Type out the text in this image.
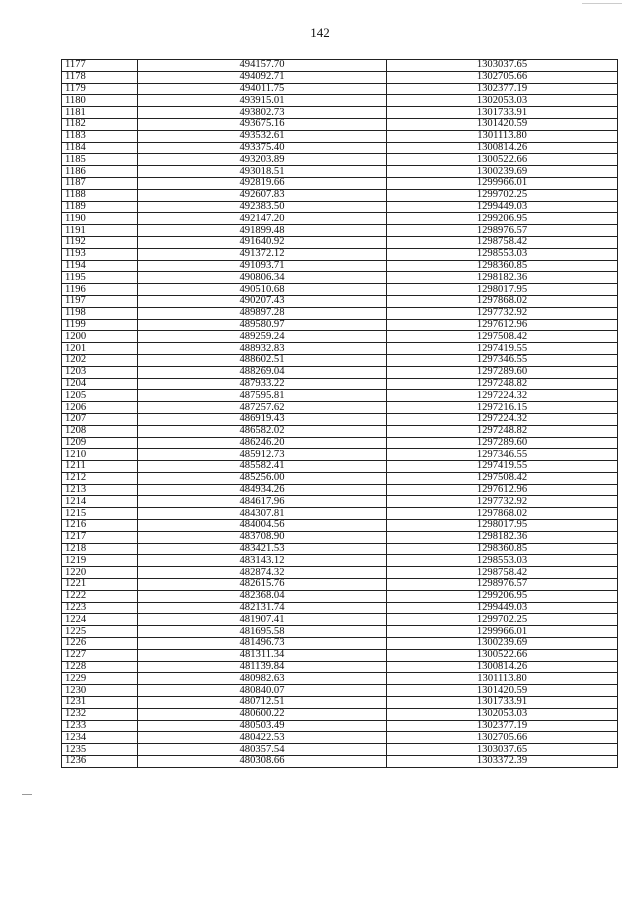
142
1177	494157.70	1303037.65
1178	494092.71	1302705.66
1179	494011.75	1302377.19
1180	493915.01	1302053.03
1181	493802.73	1301733.91
1182	493675.16	1301420.59
1183	493532.61	1301113.80
1184	493375.40	1300814.26
1185	493203.89	1300522.66
1186	493018.51	1300239.69
1187	492819.66	1299966.01
1188	492607.83	1299702.25
1189	492383.50	1299449.03
1190	492147.20	1299206.95
1191	491899.48	1298976.57
1192	491640.92	1298758.42
1193	491372.12	1298553.03
1194	491093.71	1298360.85
1195	490806.34	1298182.36
1196	490510.68	1298017.95
1197	490207.43	1297868.02
1198	489897.28	1297732.92
1199	489580.97	1297612.96
1200	489259.24	1297508.42
1201	488932.83	1297419.55
1202	488602.51	1297346.55
1203	488269.04	1297289.60
1204	487933.22	1297248.82
1205	487595.81	1297224.32
1206	487257.62	1297216.15
1207	486919.43	1297224.32
1208	486582.02	1297248.82
1209	486246.20	1297289.60
1210	485912.73	1297346.55
1211	485582.41	1297419.55
1212	485256.00	1297508.42
1213	484934.26	1297612.96
1214	484617.96	1297732.92
1215	484307.81	1297868.02
1216	484004.56	1298017.95
1217	483708.90	1298182.36
1218	483421.53	1298360.85
1219	483143.12	1298553.03
1220	482874.32	1298758.42
1221	482615.76	1298976.57
1222	482368.04	1299206.95
1223	482131.74	1299449.03
1224	481907.41	1299702.25
1225	481695.58	1299966.01
1226	481496.73	1300239.69
1227	481311.34	1300522.66
1228	481139.84	1300814.26
1229	480982.63	1301113.80
1230	480840.07	1301420.59
1231	480712.51	1301733.91
1232	480600.22	1302053.03
1233	480503.49	1302377.19
1234	480422.53	1302705.66
1235	480357.54	1303037.65
1236	480308.66	1303372.39
